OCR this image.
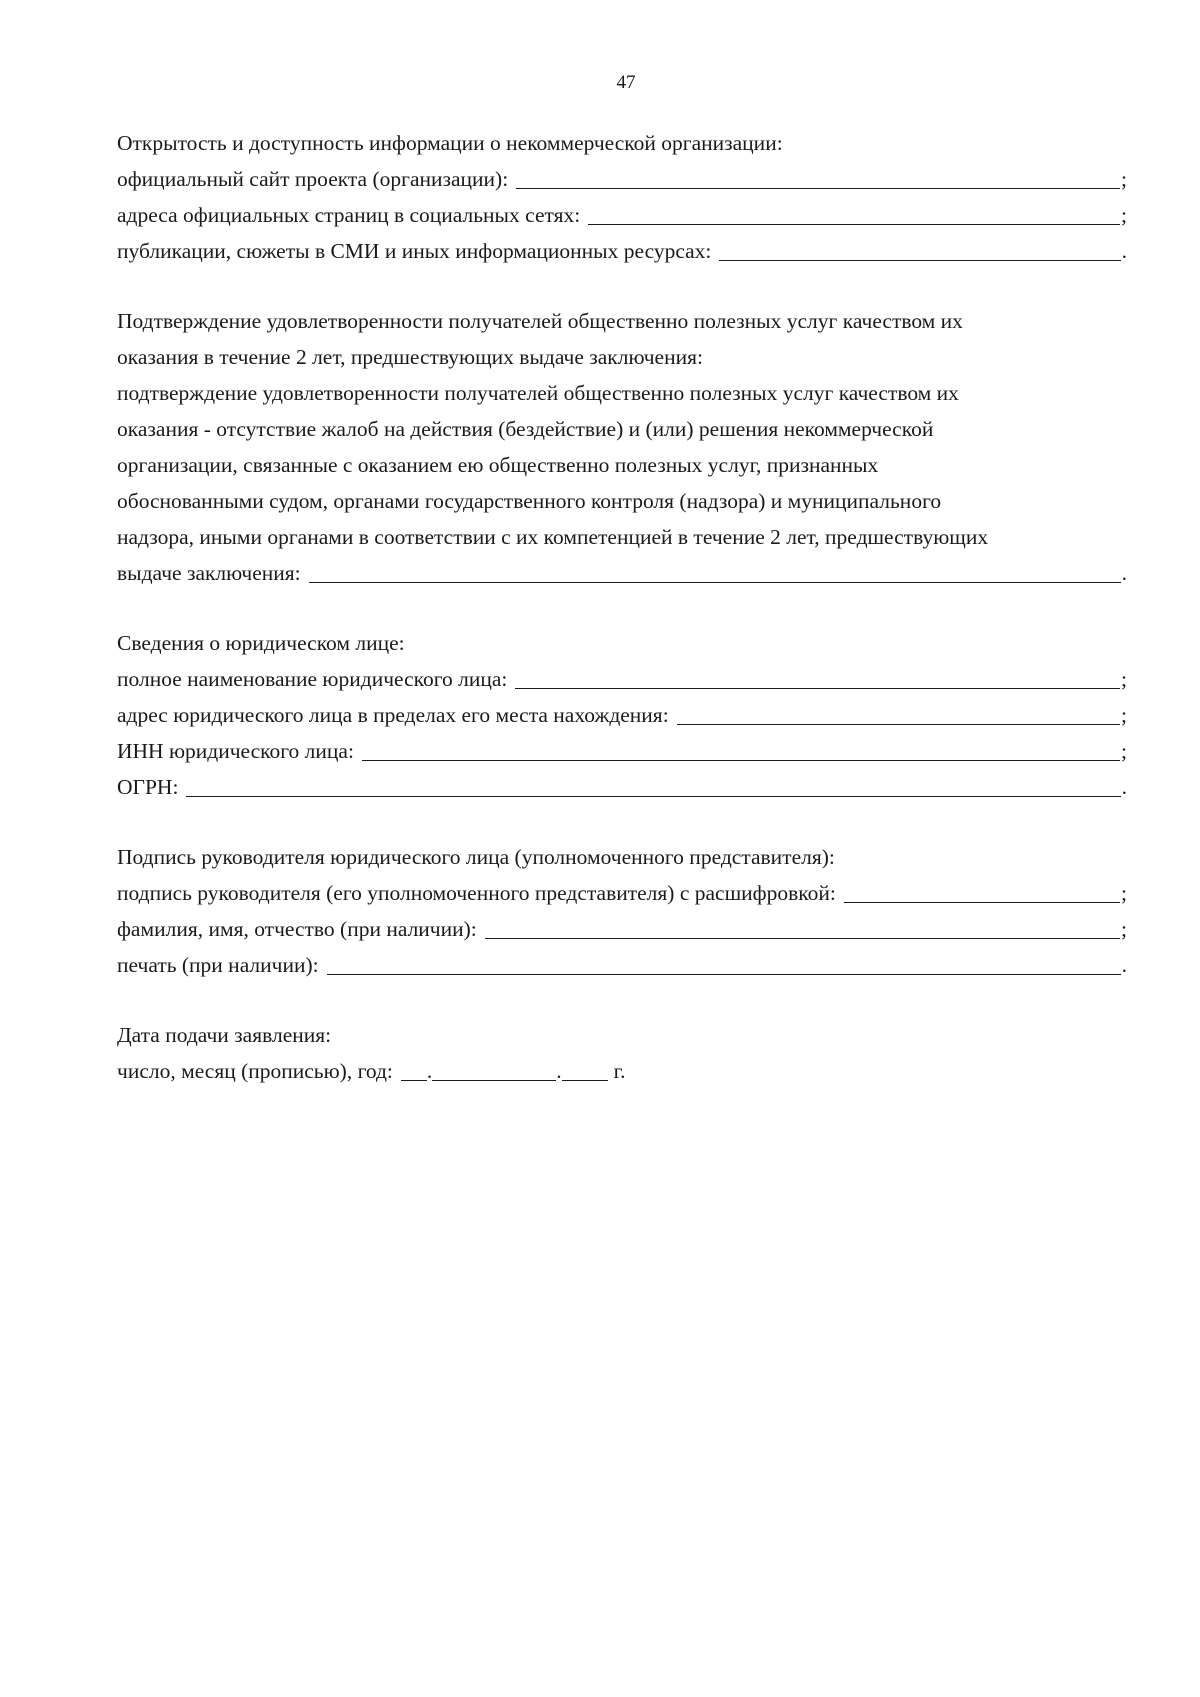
47
Открытость и доступность информации о некоммерческой организации:
официальный сайт проекта (организации):	;
адреса официальных страниц в социальных сетях:	;
публикации, сюжеты в СМИ и иных информационных ресурсах:	.
Подтверждение удовлетворенности получателей общественно полезных услуг качеством их
оказания в течение 2 лет, предшествующих выдаче заключения:
подтверждение удовлетворенности получателей общественно полезных услуг качеством их
оказания - отсутствие жалоб на действия (бездействие) и (или) решения некоммерческой
организации, связанные с оказанием ею общественно полезных услуг, признанных
обоснованными судом, органами государственного контроля (надзора) и муниципального
надзора, иными органами в соответствии с их компетенцией в течение 2 лет, предшествующих
выдаче заключения:	.
Сведения о юридическом лице:
полное наименование юридического лица:	;
адрес юридического лица в пределах его места нахождения:	;
ИНН юридического лица:	;
ОГРН:	.
Подпись руководителя юридического лица (уполномоченного представителя):
подпись руководителя (его уполномоченного представителя) с расшифровкой:	;
фамилия, имя, отчество (при наличии):	;
печать (при наличии):	.
Дата подачи заявления:
число, месяц (прописью), год: .	. г.
